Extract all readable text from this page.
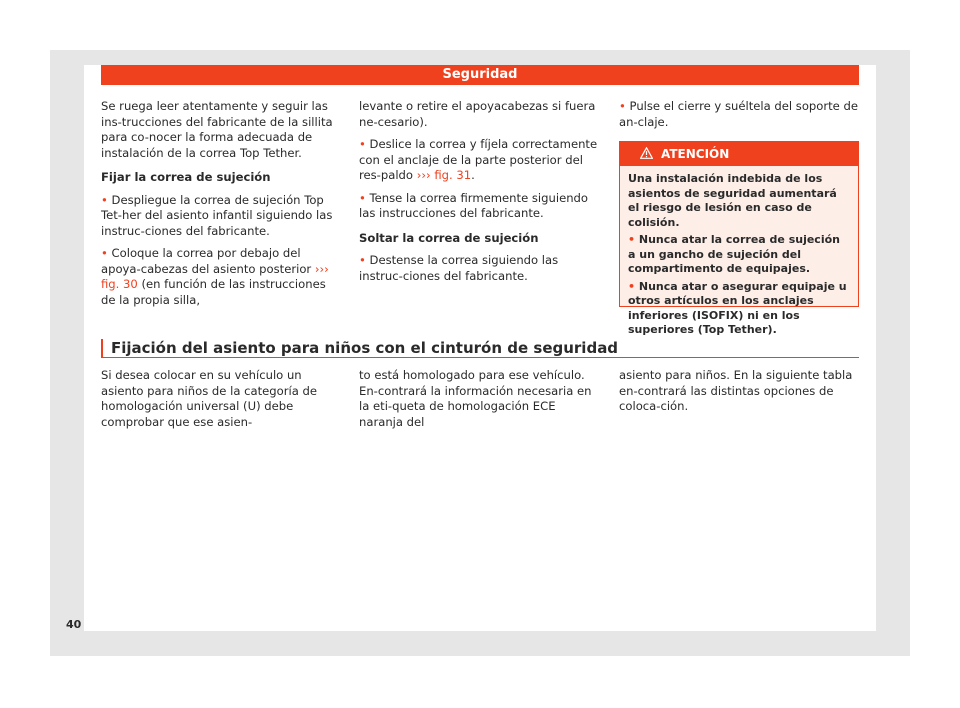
Seguridad

Se ruega leer atentamente y seguir las ins-trucciones del fabricante de la sillita para co-nocer la forma adecuada de instalación de la correa Top Tether.

Fijar la correa de sujeción

• Despliegue la correa de sujeción Top Tet-her del asiento infantil siguiendo las instruc-ciones del fabricante.

• Coloque la correa por debajo del apoya-cabezas del asiento posterior ››› fig. 30 (en función de las instrucciones de la propia silla,

levante o retire el apoyacabezas si fuera ne-cesario).

• Deslice la correa y fíjela correctamente con el anclaje de la parte posterior del res-paldo ››› fig. 31.

• Tense la correa firmemente siguiendo las instrucciones del fabricante.

Soltar la correa de sujeción

• Destense la correa siguiendo las instruc-ciones del fabricante.

• Pulse el cierre y suéltela del soporte de an-claje.

ATENCIÓN

Una instalación indebida de los asientos de seguridad aumentará el riesgo de lesión en caso de colisión.

• Nunca atar la correa de sujeción a un gancho de sujeción del compartimento de equipajes.

• Nunca atar o asegurar equipaje u otros artículos en los anclajes inferiores (ISOFIX) ni en los superiores (Top Tether).

Fijación del asiento para niños con el cinturón de seguridad

Si desea colocar en su vehículo un asiento para niños de la categoría de homologación universal (U) debe comprobar que ese asien-

to está homologado para ese vehículo. En-contrará la información necesaria en la eti-queta de homologación ECE naranja del

asiento para niños. En la siguiente tabla en-contrará las distintas opciones de coloca-ción.

40
